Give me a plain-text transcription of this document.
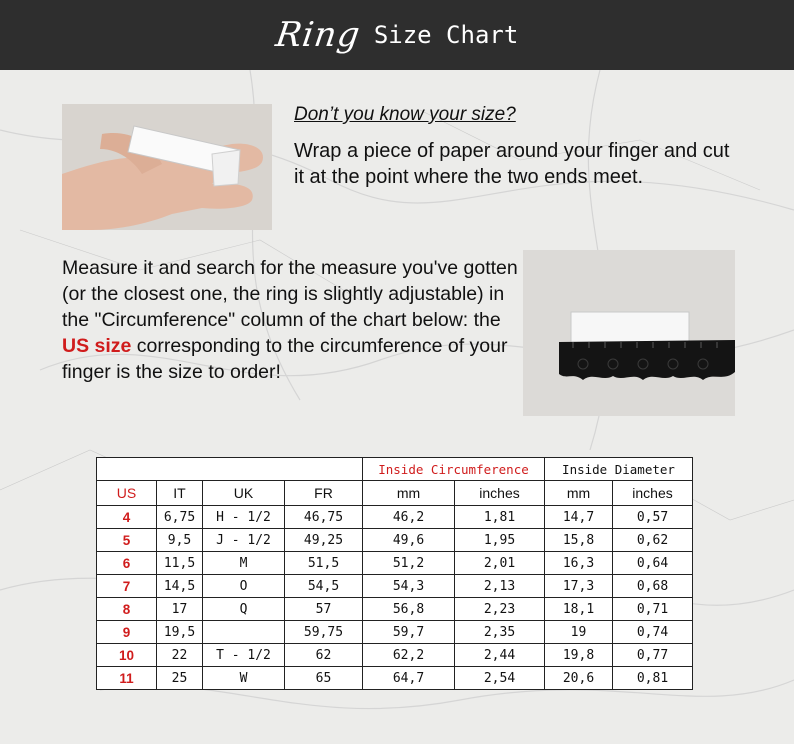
Ring Size Chart
Don’t you know your size?
Wrap a piece of paper around your finger and cut it at the point where the two ends meet.
Measure it and search for the measure you've gotten (or the closest one, the ring is slightly adjustable) in the "Circumference" column of the chart below: the US size corresponding to the circumference of your finger is the size to order!
				Inside Circumference		Inside Diameter	
US	IT	UK	FR	mm	inches	mm	inches
4	6,75	H - 1/2	46,75	46,2	1,81	14,7	0,57
5	9,5	J - 1/2	49,25	49,6	1,95	15,8	0,62
6	11,5	M	51,5	51,2	2,01	16,3	0,64
7	14,5	O	54,5	54,3	2,13	17,3	0,68
8	17	Q	57	56,8	2,23	18,1	0,71
9	19,5		59,75	59,7	2,35	19	0,74
10	22	T - 1/2	62	62,2	2,44	19,8	0,77
11	25	W	65	64,7	2,54	20,6	0,81
